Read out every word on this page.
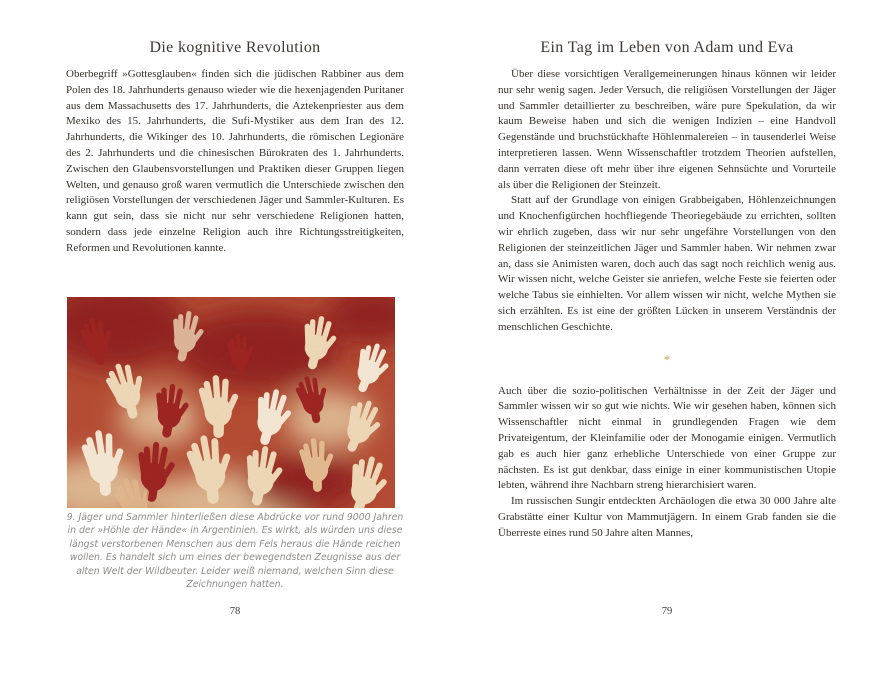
Die kognitive Revolution

Oberbegriff »Gottesglauben« finden sich die jüdischen Rabbiner aus dem Polen des 18. Jahrhunderts genauso wieder wie die hexenjagenden Puritaner aus dem Massachusetts des 17. Jahrhunderts, die Aztekenpriester aus dem Mexiko des 15. Jahrhunderts, die Sufi-Mystiker aus dem Iran des 12. Jahrhunderts, die Wikinger des 10. Jahrhunderts, die römischen Legionäre des 2. Jahrhunderts und die chinesischen Bürokraten des 1. Jahrhunderts. Zwischen den Glaubensvorstellungen und Praktiken dieser Gruppen liegen Welten, und genauso groß waren vermutlich die Unterschiede zwischen den religiösen Vorstellungen der verschiedenen Jäger und Sammler-Kulturen. Es kann gut sein, dass sie nicht nur sehr verschiedene Religionen hatten, sondern dass jede einzelne Religion auch ihre Richtungsstreitigkeiten, Reformen und Revolutionen kannte.

9. Jäger und Sammler hinterließen diese Abdrücke vor rund 9000 Jahren in der »Höhle der Hände« in Argentinien. Es wirkt, als würden uns diese längst verstorbenen Menschen aus dem Fels heraus die Hände reichen wollen. Es handelt sich um eines der bewegendsten Zeugnisse aus der alten Welt der Wildbeuter. Leider weiß niemand, welchen Sinn diese Zeichnungen hatten.
78
Ein Tag im Leben von Adam und Eva

Über diese vorsichtigen Verallgemeinerungen hinaus können wir leider nur sehr wenig sagen. Jeder Versuch, die religiösen Vorstellungen der Jäger und Sammler detaillierter zu beschreiben, wäre pure Spekulation, da wir kaum Beweise haben und sich die wenigen Indizien – eine Handvoll Gegenstände und bruchstückhafte Höhlenmalereien – in tausenderlei Weise interpretieren lassen. Wenn Wissenschaftler trotzdem Theorien aufstellen, dann verraten diese oft mehr über ihre eigenen Sehnsüchte und Vorurteile als über die Religionen der Steinzeit.

Statt auf der Grundlage von einigen Grabbeigaben, Höhlenzeichnungen und Knochenfigürchen hochfliegende Theoriegebäude zu errichten, sollten wir ehrlich zugeben, dass wir nur sehr ungefähre Vorstellungen von den Religionen der steinzeitlichen Jäger und Sammler haben. Wir nehmen zwar an, dass sie Animisten waren, doch auch das sagt noch reichlich wenig aus. Wir wissen nicht, welche Geister sie anriefen, welche Feste sie feierten oder welche Tabus sie einhielten. Vor allem wissen wir nicht, welche Mythen sie sich erzählten. Es ist eine der größten Lücken in unserem Verständnis der menschlichen Geschichte.

*

Auch über die sozio-politischen Verhältnisse in der Zeit der Jäger und Sammler wissen wir so gut wie nichts. Wie wir gesehen haben, können sich Wissenschaftler nicht einmal in grundlegenden Fragen wie dem Privateigentum, der Kleinfamilie oder der Monogamie einigen. Vermutlich gab es auch hier ganz erhebliche Unterschiede von einer Gruppe zur nächsten. Es ist gut denkbar, dass einige in einer kommunistischen Utopie lebten, während ihre Nachbarn streng hierarchisiert waren.

Im russischen Sungir entdeckten Archäologen die etwa 30 000 Jahre alte Grabstätte einer Kultur von Mammutjägern. In einem Grab fanden sie die Überreste eines rund 50 Jahre alten Mannes,

79
